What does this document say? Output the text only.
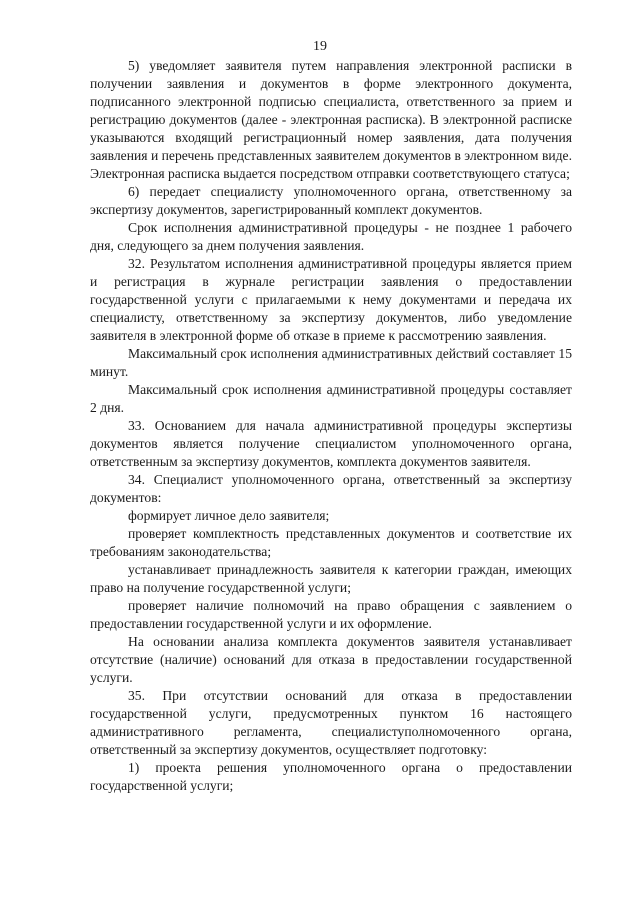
19

5) уведомляет заявителя путем направления электронной расписки в получении заявления и документов в форме электронного документа, подписанного электронной подписью специалиста, ответственного за прием и регистрацию документов (далее - электронная расписка). В электронной расписке указываются входящий регистрационный номер заявления, дата получения заявления и перечень представленных заявителем документов в электронном виде. Электронная расписка выдается посредством отправки соответствующего статуса;

6) передает специалисту уполномоченного органа, ответственному за экспертизу документов, зарегистрированный комплект документов.

Срок исполнения административной процедуры - не позднее 1 рабочего дня, следующего за днем получения заявления.

32. Результатом исполнения административной процедуры является прием и регистрация в журнале регистрации заявления о предоставлении государственной услуги с прилагаемыми к нему документами и передача их специалисту, ответственному за экспертизу документов, либо уведомление заявителя в электронной форме об отказе в приеме к рассмотрению заявления.

Максимальный срок исполнения административных действий составляет 15 минут.

Максимальный срок исполнения административной процедуры составляет 2 дня.

33. Основанием для начала административной процедуры экспертизы документов является получение специалистом уполномоченного органа, ответственным за экспертизу документов, комплекта документов заявителя.

34. Специалист уполномоченного органа, ответственный за экспертизу документов:

формирует личное дело заявителя;

проверяет комплектность представленных документов и соответствие их требованиям законодательства;

устанавливает принадлежность заявителя к категории граждан, имеющих право на получение государственной услуги;

проверяет наличие полномочий на право обращения с заявлением о предоставлении государственной услуги и их оформление.

На основании анализа комплекта документов заявителя устанавливает отсутствие (наличие) оснований для отказа в предоставлении государственной услуги.

35. При отсутствии оснований для отказа в предоставлении государственной услуги, предусмотренных пунктом 16 настоящего административного регламента, специалиступолномоченного органа, ответственный за экспертизу документов, осуществляет подготовку:

1) проекта решения уполномоченного органа о предоставлении государственной услуги;
